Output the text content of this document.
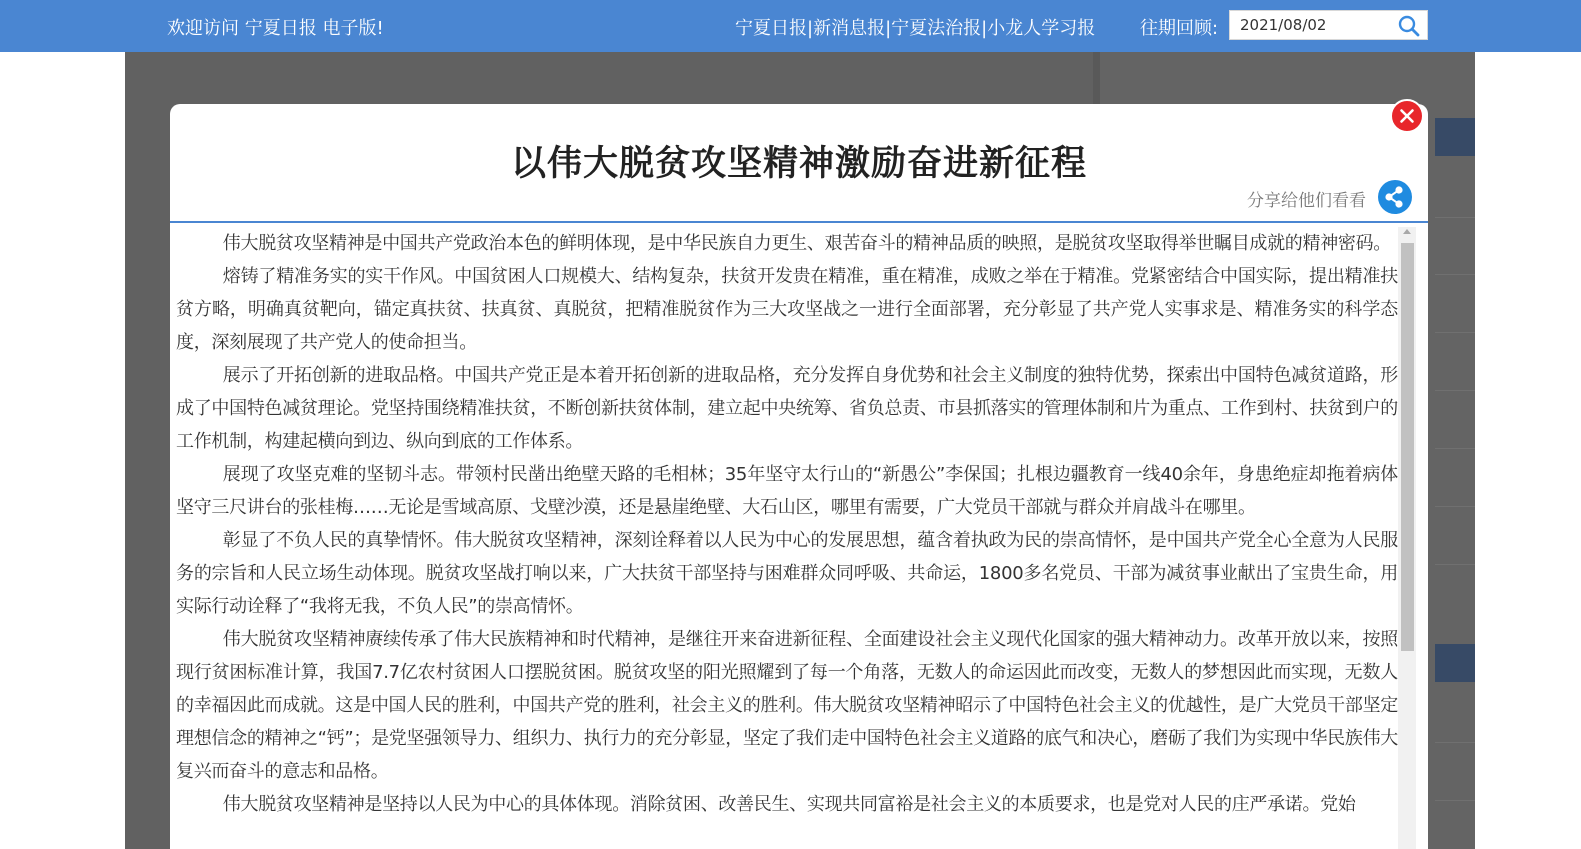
欢迎访问 宁夏日报 电子版!	宁夏日报|新消息报|宁夏法治报|小龙人学习报 往期回顾:
2021/08/02
以伟大脱贫攻坚精神激励奋进新征程
分享给他们看看

伟大脱贫攻坚精神是中国共产党政治本色的鲜明体现，是中华民族自力更生、艰苦奋斗的精神品质的映照，是脱贫攻坚取得举世瞩目成就的精神密码。

熔铸了精准务实的实干作风。中国贫困人口规模大、结构复杂，扶贫开发贵在精准，重在精准，成败之举在于精准。党紧密结合中国实际，提出精准扶贫方略，明确真贫靶向，锚定真扶贫、扶真贫、真脱贫，把精准脱贫作为三大攻坚战之一进行全面部署，充分彰显了共产党人实事求是、精准务实的科学态度，深刻展现了共产党人的使命担当。

展示了开拓创新的进取品格。中国共产党正是本着开拓创新的进取品格，充分发挥自身优势和社会主义制度的独特优势，探索出中国特色减贫道路，形成了中国特色减贫理论。党坚持围绕精准扶贫，不断创新扶贫体制，建立起中央统筹、省负总责、市县抓落实的管理体制和片为重点、工作到村、扶贫到户的工作机制，构建起横向到边、纵向到底的工作体系。

展现了攻坚克难的坚韧斗志。带领村民凿出绝壁天路的毛相林；35年坚守太行山的“新愚公”李保国；扎根边疆教育一线40余年，身患绝症却拖着病体坚守三尺讲台的张桂梅……无论是雪域高原、戈壁沙漠，还是悬崖绝壁、大石山区，哪里有需要，广大党员干部就与群众并肩战斗在哪里。

彰显了不负人民的真挚情怀。伟大脱贫攻坚精神，深刻诠释着以人民为中心的发展思想，蕴含着执政为民的崇高情怀，是中国共产党全心全意为人民服务的宗旨和人民立场生动体现。脱贫攻坚战打响以来，广大扶贫干部坚持与困难群众同呼吸、共命运，1800多名党员、干部为减贫事业献出了宝贵生命，用实际行动诠释了“我将无我，不负人民”的崇高情怀。

伟大脱贫攻坚精神赓续传承了伟大民族精神和时代精神，是继往开来奋进新征程、全面建设社会主义现代化国家的强大精神动力。改革开放以来，按照现行贫困标准计算，我国7.7亿农村贫困人口摆脱贫困。脱贫攻坚的阳光照耀到了每一个角落，无数人的命运因此而改变，无数人的梦想因此而实现，无数人的幸福因此而成就。这是中国人民的胜利，中国共产党的胜利，社会主义的胜利。伟大脱贫攻坚精神昭示了中国特色社会主义的优越性，是广大党员干部坚定理想信念的精神之“钙”；是党坚强领导力、组织力、执行力的充分彰显，坚定了我们走中国特色社会主义道路的底气和决心，磨砺了我们为实现中华民族伟大复兴而奋斗的意志和品格。

伟大脱贫攻坚精神是坚持以人民为中心的具体体现。消除贫困、改善民生、实现共同富裕是社会主义的本质要求，也是党对人民的庄严承诺。党始
